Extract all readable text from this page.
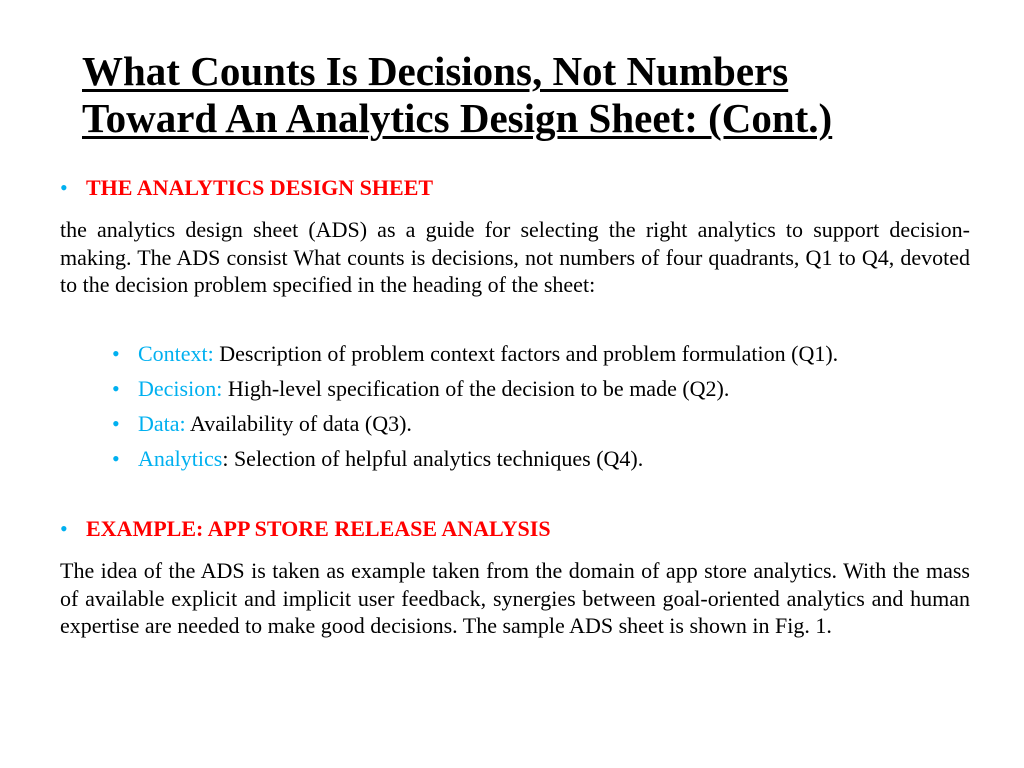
What Counts Is Decisions, Not Numbers
Toward An Analytics Design Sheet: (Cont.)
• THE ANALYTICS DESIGN SHEET

the analytics design sheet (ADS) as a guide for selecting the right analytics to support decision-making. The ADS consist What counts is decisions, not numbers of four quadrants, Q1 to Q4, devoted to the decision problem specified in the heading of the sheet:

• Context: Description of problem context factors and problem formulation (Q1).
• Decision: High-level specification of the decision to be made (Q2).
• Data: Availability of data (Q3).
• Analytics: Selection of helpful analytics techniques (Q4).
• EXAMPLE: APP STORE RELEASE ANALYSIS

The idea of the ADS is taken as example taken from the domain of app store analytics. With the mass of available explicit and implicit user feedback, synergies between goal-oriented analytics and human expertise are needed to make good decisions. The sample ADS sheet is shown in Fig. 1.
